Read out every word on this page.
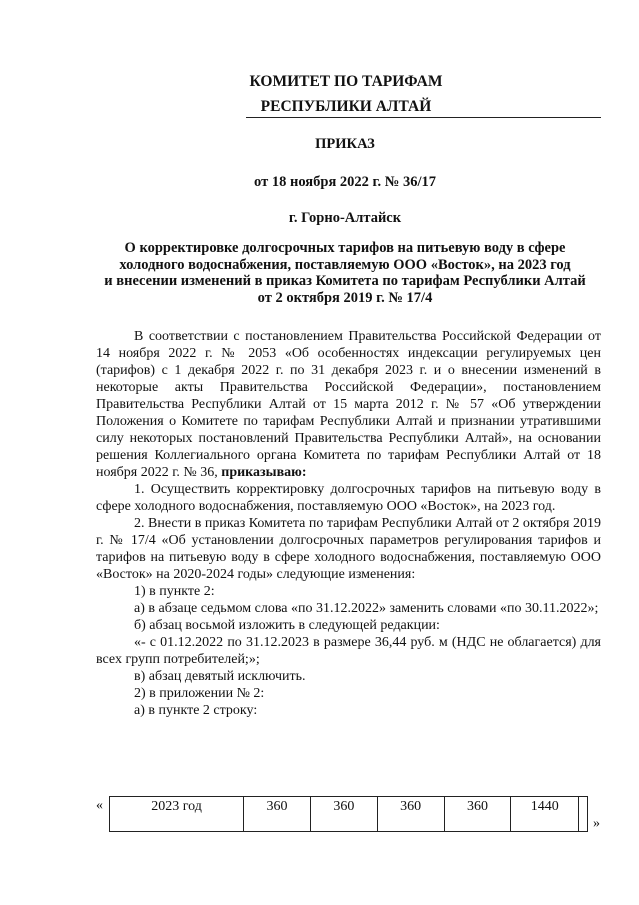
КОМИТЕТ ПО ТАРИФАМ
РЕСПУБЛИКИ АЛТАЙ
ПРИКАЗ
от 18 ноября 2022 г. № 36/17
г. Горно-Алтайск
О корректировке долгосрочных тарифов на питьевую воду в сфере
холодного водоснабжения, поставляемую ООО «Восток», на 2023 год
и внесении изменений в приказ Комитета по тарифам Республики Алтай
от 2 октября 2019 г. № 17/4

В соответствии с постановлением Правительства Российской Федерации от 14 ноября 2022 г. № 2053 «Об особенностях индексации регулируемых цен (тарифов) с 1 декабря 2022 г. по 31 декабря 2023 г. и о внесении изменений в некоторые акты Правительства Российской Федерации», постановлением Правительства Республики Алтай от 15 марта 2012 г. № 57 «Об утверждении Положения о Комитете по тарифам Республики Алтай и признании утратившими силу некоторых постановлений Правительства Республики Алтай», на основании решения Коллегиального органа Комитета по тарифам Республики Алтай от 18 ноября 2022 г. № 36, приказываю:

1. Осуществить корректировку долгосрочных тарифов на питьевую воду в сфере холодного водоснабжения, поставляемую ООО «Восток», на 2023 год.

2. Внести в приказ Комитета по тарифам Республики Алтай от 2 октября 2019 г. № 17/4 «Об установлении долгосрочных параметров регулирования тарифов и тарифов на питьевую воду в сфере холодного водоснабжения, поставляемую ООО «Восток» на 2020-2024 годы» следующие изменения:

1) в пункте 2:

а) в абзаце седьмом слова «по 31.12.2022» заменить словами «по 30.11.2022»;

б) абзац восьмой изложить в следующей редакции:

«- с 01.12.2022 по 31.12.2023 в размере 36,44 руб. м (НДС не облагается) для всех групп потребителей;»;

в) абзац девятый исключить.

2) в приложении № 2:

а) в пункте 2 строку:

«	2023 год	360	360	360	360	1440	
»
